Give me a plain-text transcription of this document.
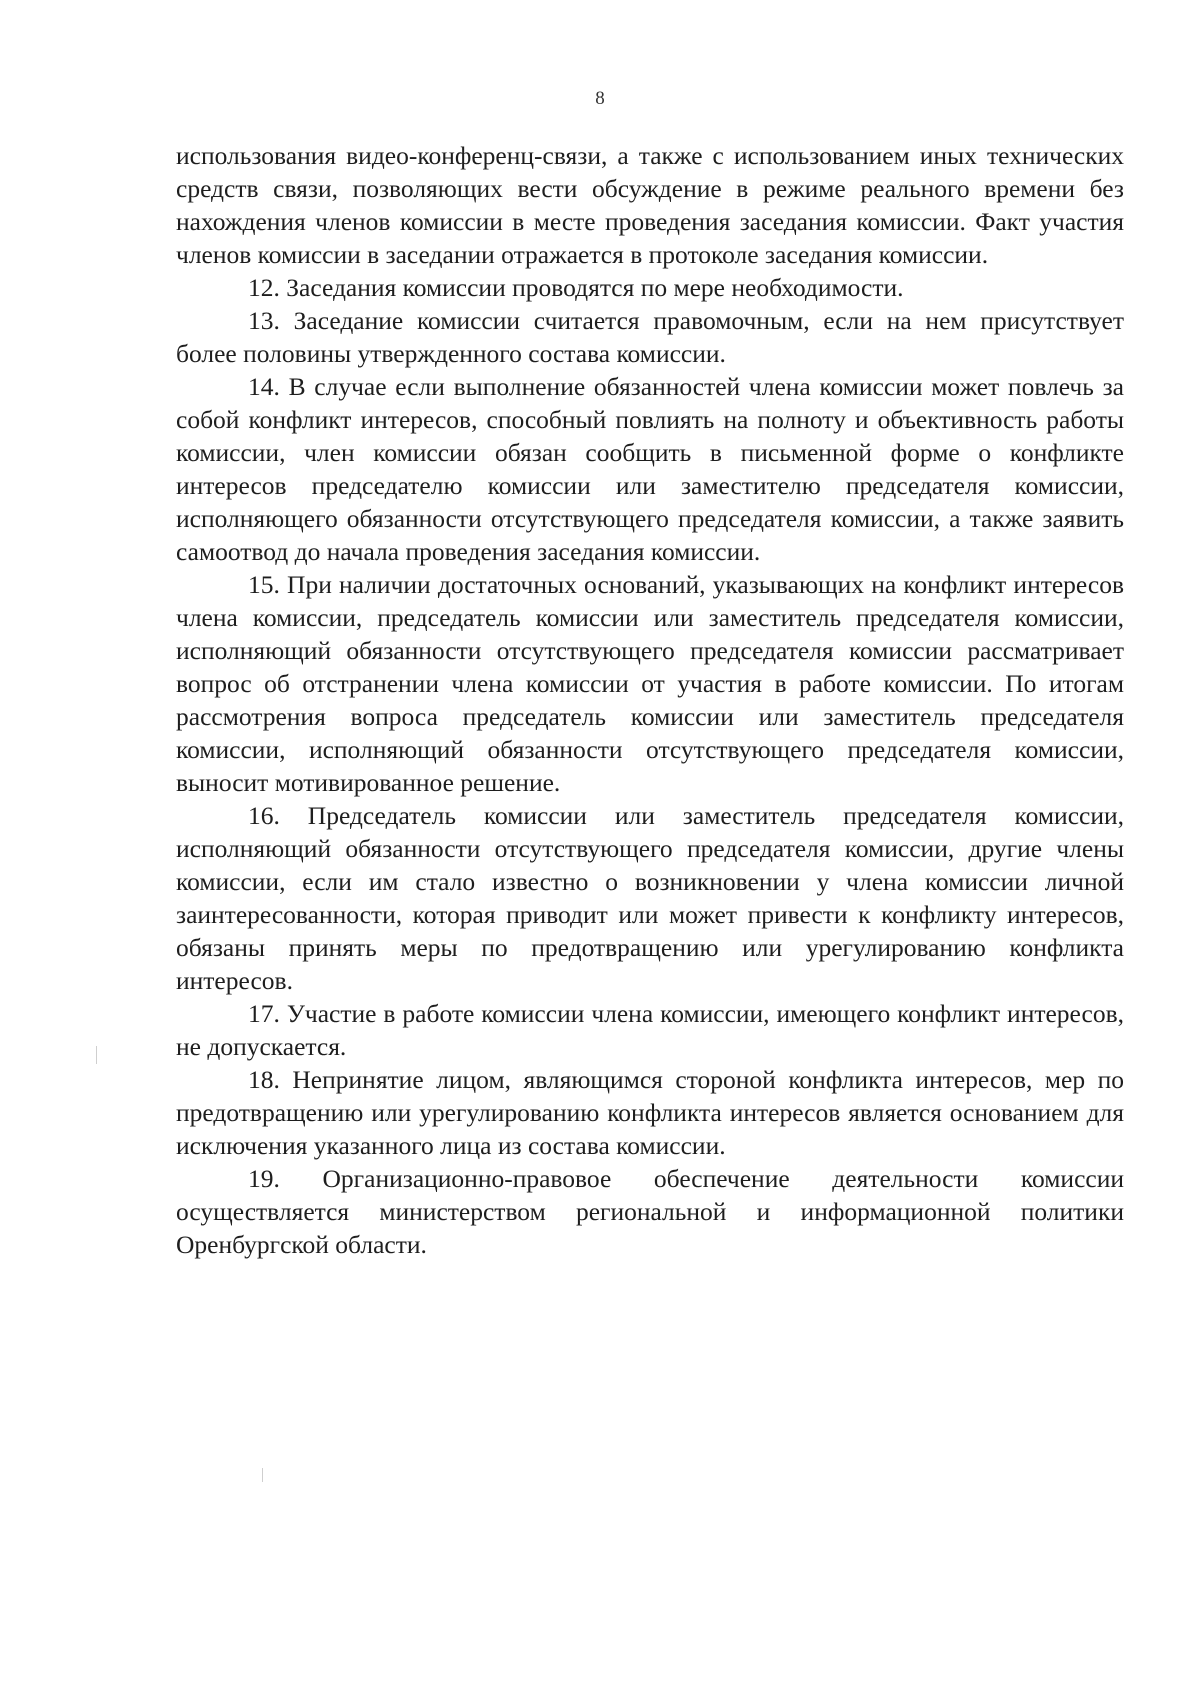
8

использования видео-конференц-связи, а также с использованием иных технических средств связи, позволяющих вести обсуждение в режиме реального времени без нахождения членов комиссии в месте проведения заседания комиссии. Факт участия членов комиссии в заседании отражается в протоколе заседания комиссии.

12. Заседания комиссии проводятся по мере необходимости.

13. Заседание комиссии считается правомочным, если на нем присутствует более половины утвержденного состава комиссии.

14. В случае если выполнение обязанностей члена комиссии может повлечь за собой конфликт интересов, способный повлиять на полноту и объективность работы комиссии, член комиссии обязан сообщить в письменной форме о конфликте интересов председателю комиссии или заместителю председателя комиссии, исполняющего обязанности отсутствующего председателя комиссии, а также заявить самоотвод до начала проведения заседания комиссии.

15. При наличии достаточных оснований, указывающих на конфликт интересов члена комиссии, председатель комиссии или заместитель председателя комиссии, исполняющий обязанности отсутствующего председателя комиссии рассматривает вопрос об отстранении члена комиссии от участия в работе комиссии. По итогам рассмотрения вопроса председатель комиссии или заместитель председателя комиссии, исполняющий обязанности отсутствующего председателя комиссии, выносит мотивированное решение.

16. Председатель комиссии или заместитель председателя комиссии, исполняющий обязанности отсутствующего председателя комиссии, другие члены комиссии, если им стало известно о возникновении у члена комиссии личной заинтересованности, которая приводит или может привести к конфликту интересов, обязаны принять меры по предотвращению или урегулированию конфликта интересов.

17. Участие в работе комиссии члена комиссии, имеющего конфликт интересов, не допускается.

18. Непринятие лицом, являющимся стороной конфликта интересов, мер по предотвращению или урегулированию конфликта интересов является основанием для исключения указанного лица из состава комиссии.

19. Организационно-правовое обеспечение деятельности комиссии осуществляется министерством региональной и информационной политики Оренбургской области.
